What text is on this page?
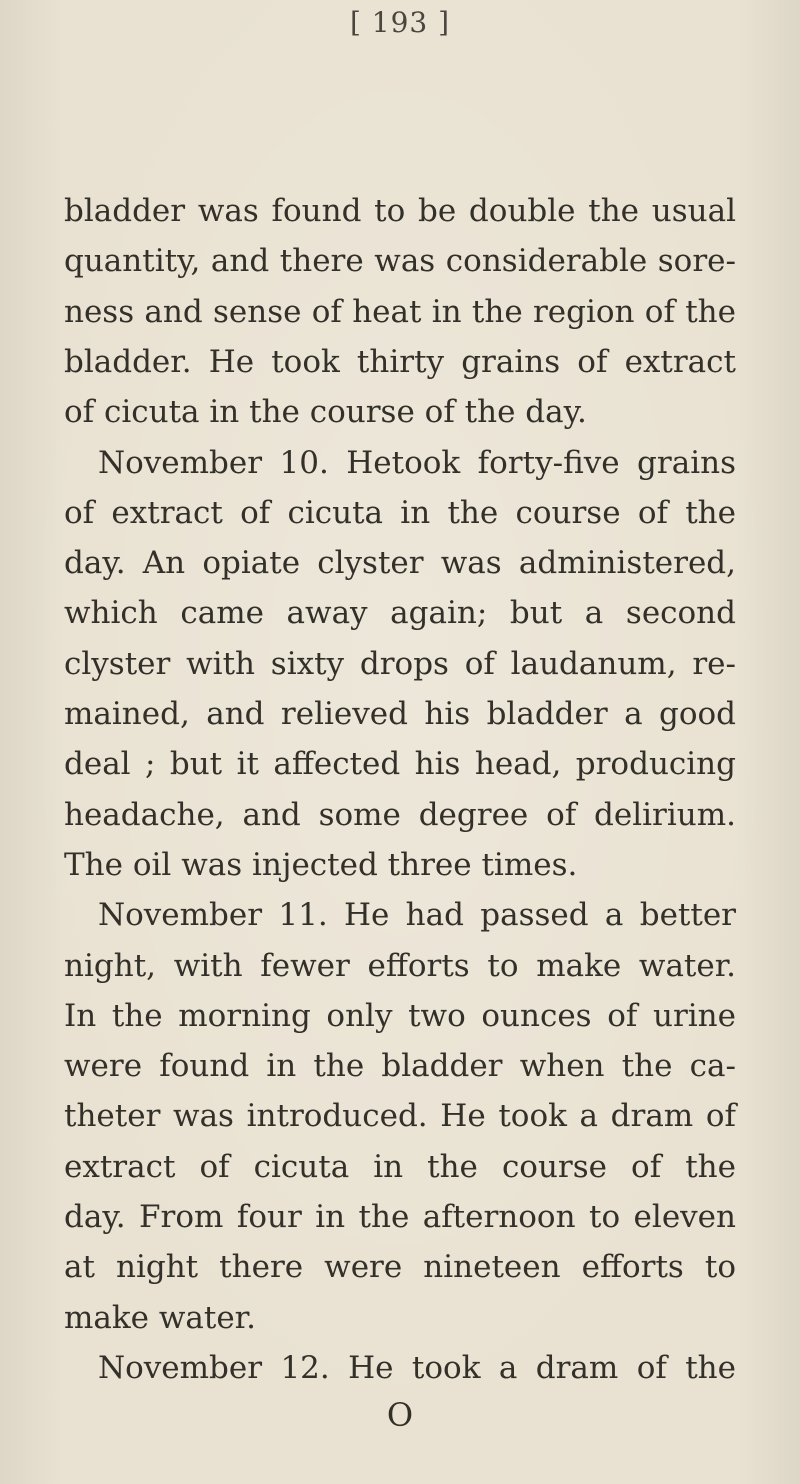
[ 193 ]
bladder was found to be double the usual
quantity, and there was considerable sore-
ness and sense of heat in the region of the
bladder. He took thirty grains of extract
of cicuta in the course of the day.
November 10. Hetook forty-five grains
of extract of cicuta in the course of the
day. An opiate clyster was administered,
which came away again; but a second
clyster with sixty drops of laudanum, re-
mained, and relieved his bladder a good
deal ; but it affected his head, producing
headache, and some degree of delirium.
The oil was injected three times.
November 11. He had passed a better
night, with fewer efforts to make water.
In the morning only two ounces of urine
were found in the bladder when the ca-
theter was introduced. He took a dram of
extract of cicuta in the course of the
day. From four in the afternoon to eleven
at night there were nineteen efforts to
make water.
November 12. He took a dram of the
O
